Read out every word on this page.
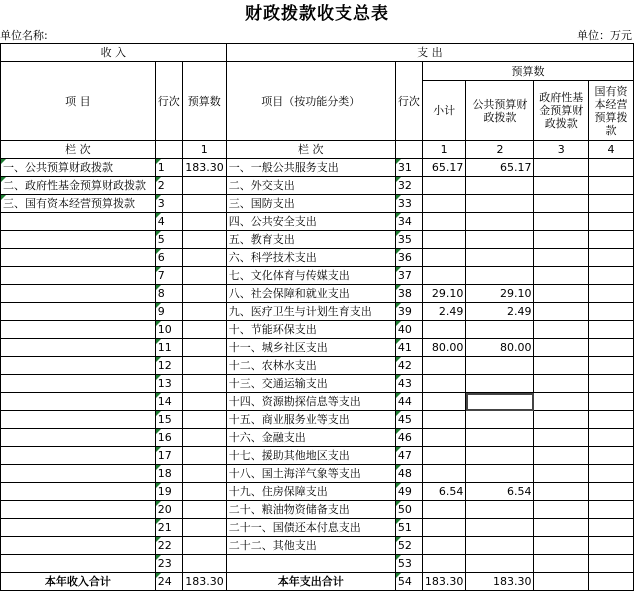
财政拨款收支总表
单位名称:	单位：万元
收 入			支 出					
项 目	行次	预算数	项目（按功能分类）	行次	预算数			
					小计	公共预算财政拨款	政府性基金预算财政拨款	国有资本经营预算拨款

栏 次		1	栏 次		1	2	3	4
一、公共预算财政拨款	1	183.30	一、一般公共服务支出	31	65.17	65.17		
二、政府性基金预算财政拨款	2		二、外交支出	32				
三、国有资本经营预算拨款	3		三、国防支出	33				
	4		四、公共安全支出	34				
	5		五、教育支出	35				
	6		六、科学技术支出	36				
	7		七、文化体育与传媒支出	37				
	8		八、社会保障和就业支出	38	29.10	29.10		
	9		九、医疗卫生与计划生育支出	39	2.49	2.49		
	10		十、节能环保支出	40				
	11		十一、城乡社区支出	41	80.00	80.00		
	12		十二、农林水支出	42				
	13		十三、交通运输支出	43				
	14		十四、资源勘探信息等支出	44				
	15		十五、商业服务业等支出	45				
	16		十六、金融支出	46				
	17		十七、援助其他地区支出	47				
	18		十八、国土海洋气象等支出	48				
	19		十九、住房保障支出	49	6.54	6.54		
	20		二十、粮油物资储备支出	50				
	21		二十一、国债还本付息支出	51				
	22		二十二、其他支出	52				
	23			53				
本年收入合计	24	183.30	本年支出合计	54	183.30	183.30		
